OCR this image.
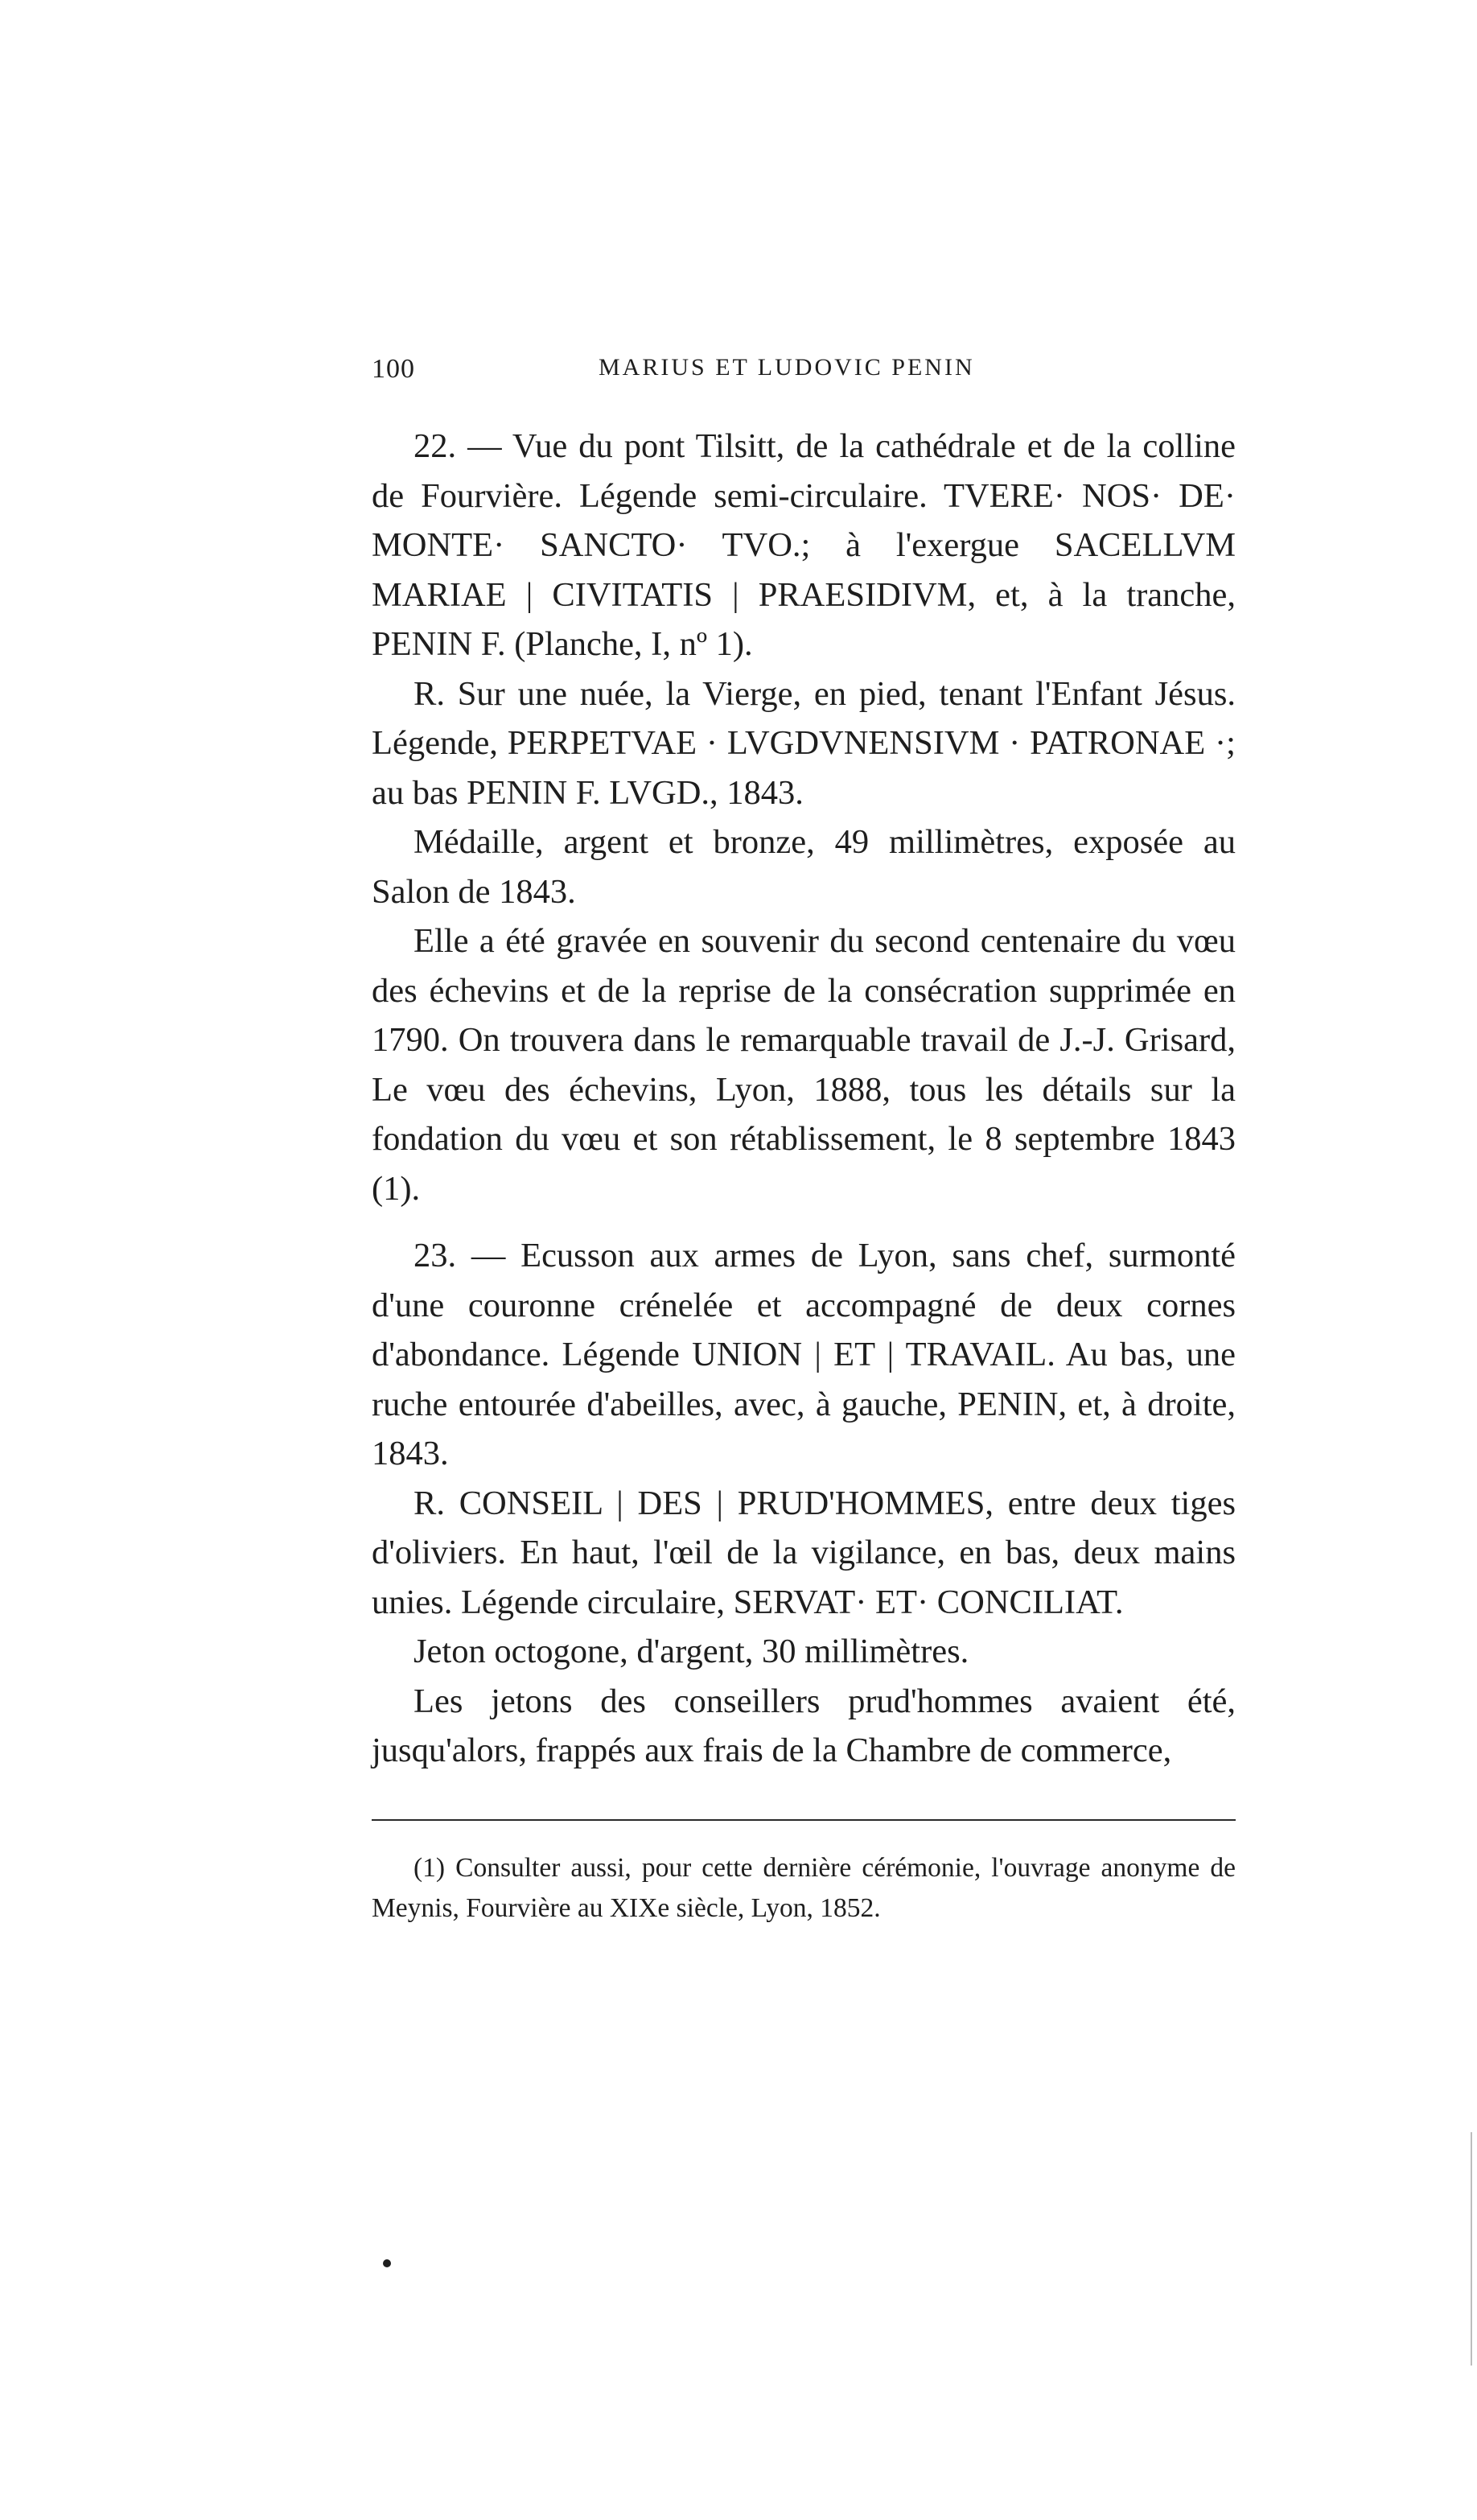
100	MARIUS ET LUDOVIC PENIN

22. — Vue du pont Tilsitt, de la cathédrale et de la colline de Fourvière. Légende semi-circulaire. TVERE· NOS· DE· MONTE· SANCTO· TVO.; à l'exergue SACELLVM MARIAE | CIVITATIS | PRAESIDIVM, et, à la tranche, PENIN F. (Planche, I, nº 1).

R. Sur une nuée, la Vierge, en pied, tenant l'Enfant Jésus. Légende, PERPETVAE · LVGDVNENSIVM · PATRONAE ·; au bas PENIN F. LVGD., 1843.

Médaille, argent et bronze, 49 millimètres, exposée au Salon de 1843.

Elle a été gravée en souvenir du second centenaire du vœu des échevins et de la reprise de la consécration supprimée en 1790. On trouvera dans le remarquable travail de J.-J. Grisard, Le vœu des échevins, Lyon, 1888, tous les détails sur la fondation du vœu et son rétablissement, le 8 septembre 1843 (1).

23. — Ecusson aux armes de Lyon, sans chef, surmonté d'une couronne crénelée et accompagné de deux cornes d'abondance. Légende UNION | ET | TRAVAIL. Au bas, une ruche entourée d'abeilles, avec, à gauche, PENIN, et, à droite, 1843.

R. CONSEIL | DES | PRUD'HOMMES, entre deux tiges d'oliviers. En haut, l'œil de la vigilance, en bas, deux mains unies. Légende circulaire, SERVAT· ET· CONCILIAT.

Jeton octogone, d'argent, 30 millimètres.

Les jetons des conseillers prud'hommes avaient été, jusqu'alors, frappés aux frais de la Chambre de commerce,

(1) Consulter aussi, pour cette dernière cérémonie, l'ouvrage anonyme de Meynis, Fourvière au XIXe siècle, Lyon, 1852.
